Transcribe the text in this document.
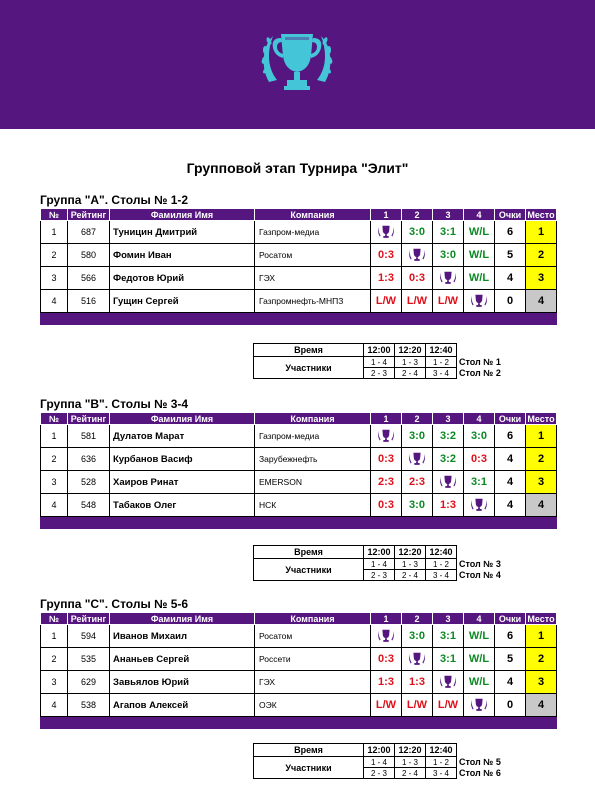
Групповой этап Турнира "Элит"
Группа "А". Столы № 1-2
№	Рейтинг	Фамилия Имя	Компания	1	2	3	4	Очки	Место
1	687	Туницин Дмитрий	Газпром-медиа		3:0	3:1	W/L	6	1
2	580	Фомин Иван	Росатом	0:3		3:0	W/L	5	2
3	566	Федотов Юрий	ГЭХ	1:3	0:3		W/L	4	3
4	516	Гущин Сергей	Газпромнефть-МНПЗ	L/W	L/W	L/W		0	4

Время	12:00	12:20	12:40	
Участники	1 - 4	1 - 3	1 - 2	Стол № 1
	2 - 3	2 - 4	3 - 4	Стол № 2
Группа "В". Столы № 3-4
№	Рейтинг	Фамилия Имя	Компания	1	2	3	4	Очки	Место
1	581	Дулатов Марат	Газпром-медиа		3:0	3:2	3:0	6	1
2	636	Курбанов Васиф	Зарубежнефть	0:3		3:2	0:3	4	2
3	528	Хаиров Ринат	EMERSON	2:3	2:3		3:1	4	3
4	548	Табаков Олег	НСК	0:3	3:0	1:3		4	4

Время	12:00	12:20	12:40	
Участники	1 - 4	1 - 3	1 - 2	Стол № 3
	2 - 3	2 - 4	3 - 4	Стол № 4
Группа "С". Столы № 5-6
№	Рейтинг	Фамилия Имя	Компания	1	2	3	4	Очки	Место
1	594	Иванов Михаил	Росатом		3:0	3:1	W/L	6	1
2	535	Ананьев Сергей	Россети	0:3		3:1	W/L	5	2
3	629	Завьялов Юрий	ГЭХ	1:3	1:3		W/L	4	3
4	538	Агапов Алексей	ОЭК	L/W	L/W	L/W		0	4

Время	12:00	12:20	12:40	
Участники	1 - 4	1 - 3	1 - 2	Стол № 5
	2 - 3	2 - 4	3 - 4	Стол № 6
